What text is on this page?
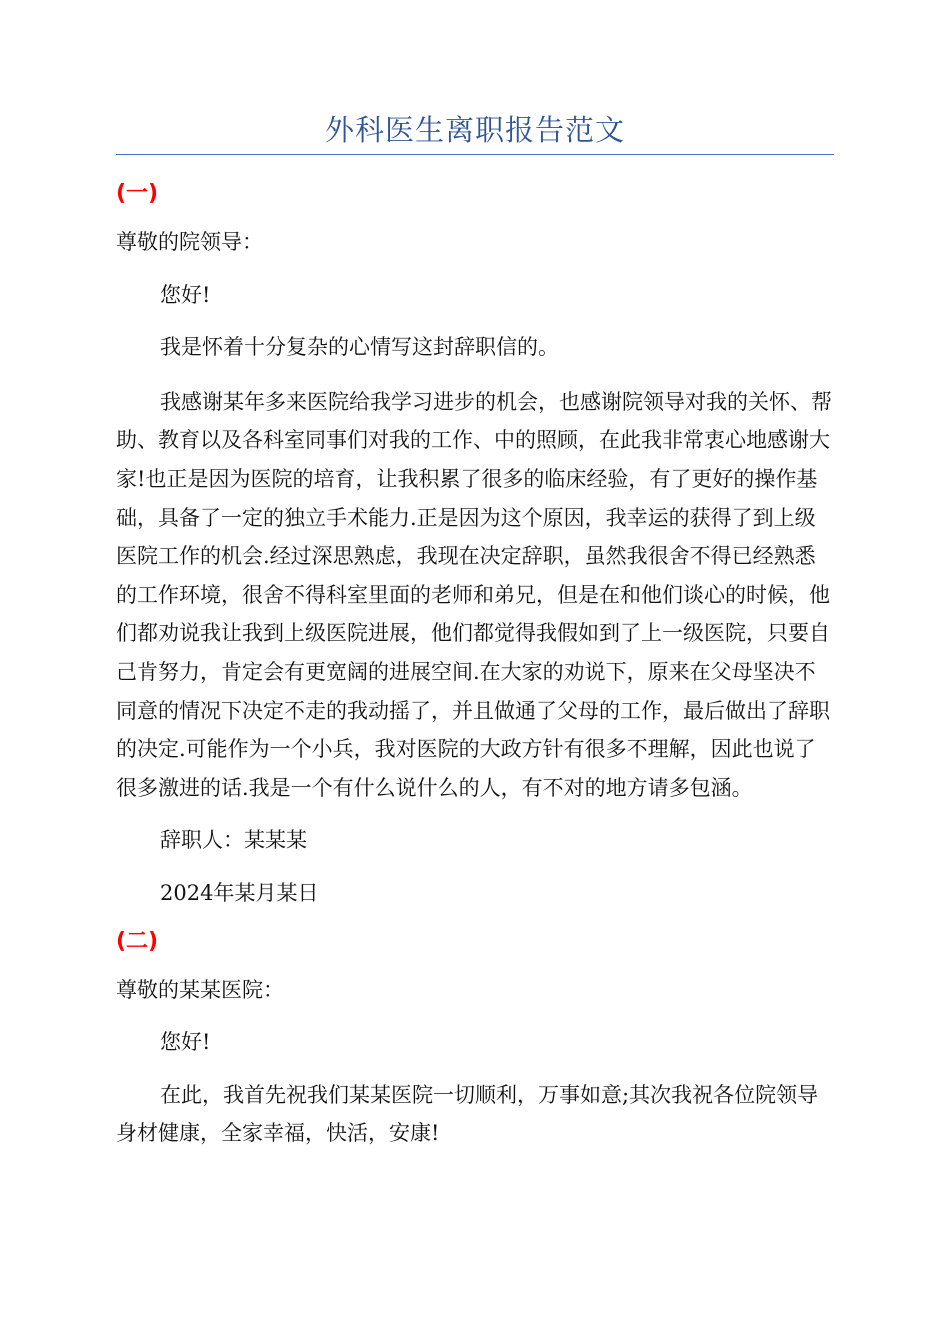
外科医生离职报告范文
(一)

尊敬的院领导：

您好!

我是怀着十分复杂的心情写这封辞职信的。

我感谢某年多来医院给我学习进步的机会，也感谢院领导对我的关怀、帮助、教育以及各科室同事们对我的工作、中的照顾，在此我非常衷心地感谢大家!也正是因为医院的培育，让我积累了很多的临床经验，有了更好的操作基础，具备了一定的独立手术能力.正是因为这个原因，我幸运的获得了到上级医院工作的机会.经过深思熟虑，我现在决定辞职，虽然我很舍不得已经熟悉的工作环境，很舍不得科室里面的老师和弟兄，但是在和他们谈心的时候，他们都劝说我让我到上级医院进展，他们都觉得我假如到了上一级医院，只要自己肯努力，肯定会有更宽阔的进展空间.在大家的劝说下，原来在父母坚决不同意的情况下决定不走的我动摇了，并且做通了父母的工作，最后做出了辞职的决定.可能作为一个小兵，我对医院的大政方针有很多不理解，因此也说了很多激进的话.我是一个有什么说什么的人，有不对的地方请多包涵。

辞职人：某某某

2024年某月某日

(二)

尊敬的某某医院：

您好!

在此，我首先祝我们某某医院一切顺利，万事如意;其次我祝各位院领导身材健康，全家幸福，快活，安康!
